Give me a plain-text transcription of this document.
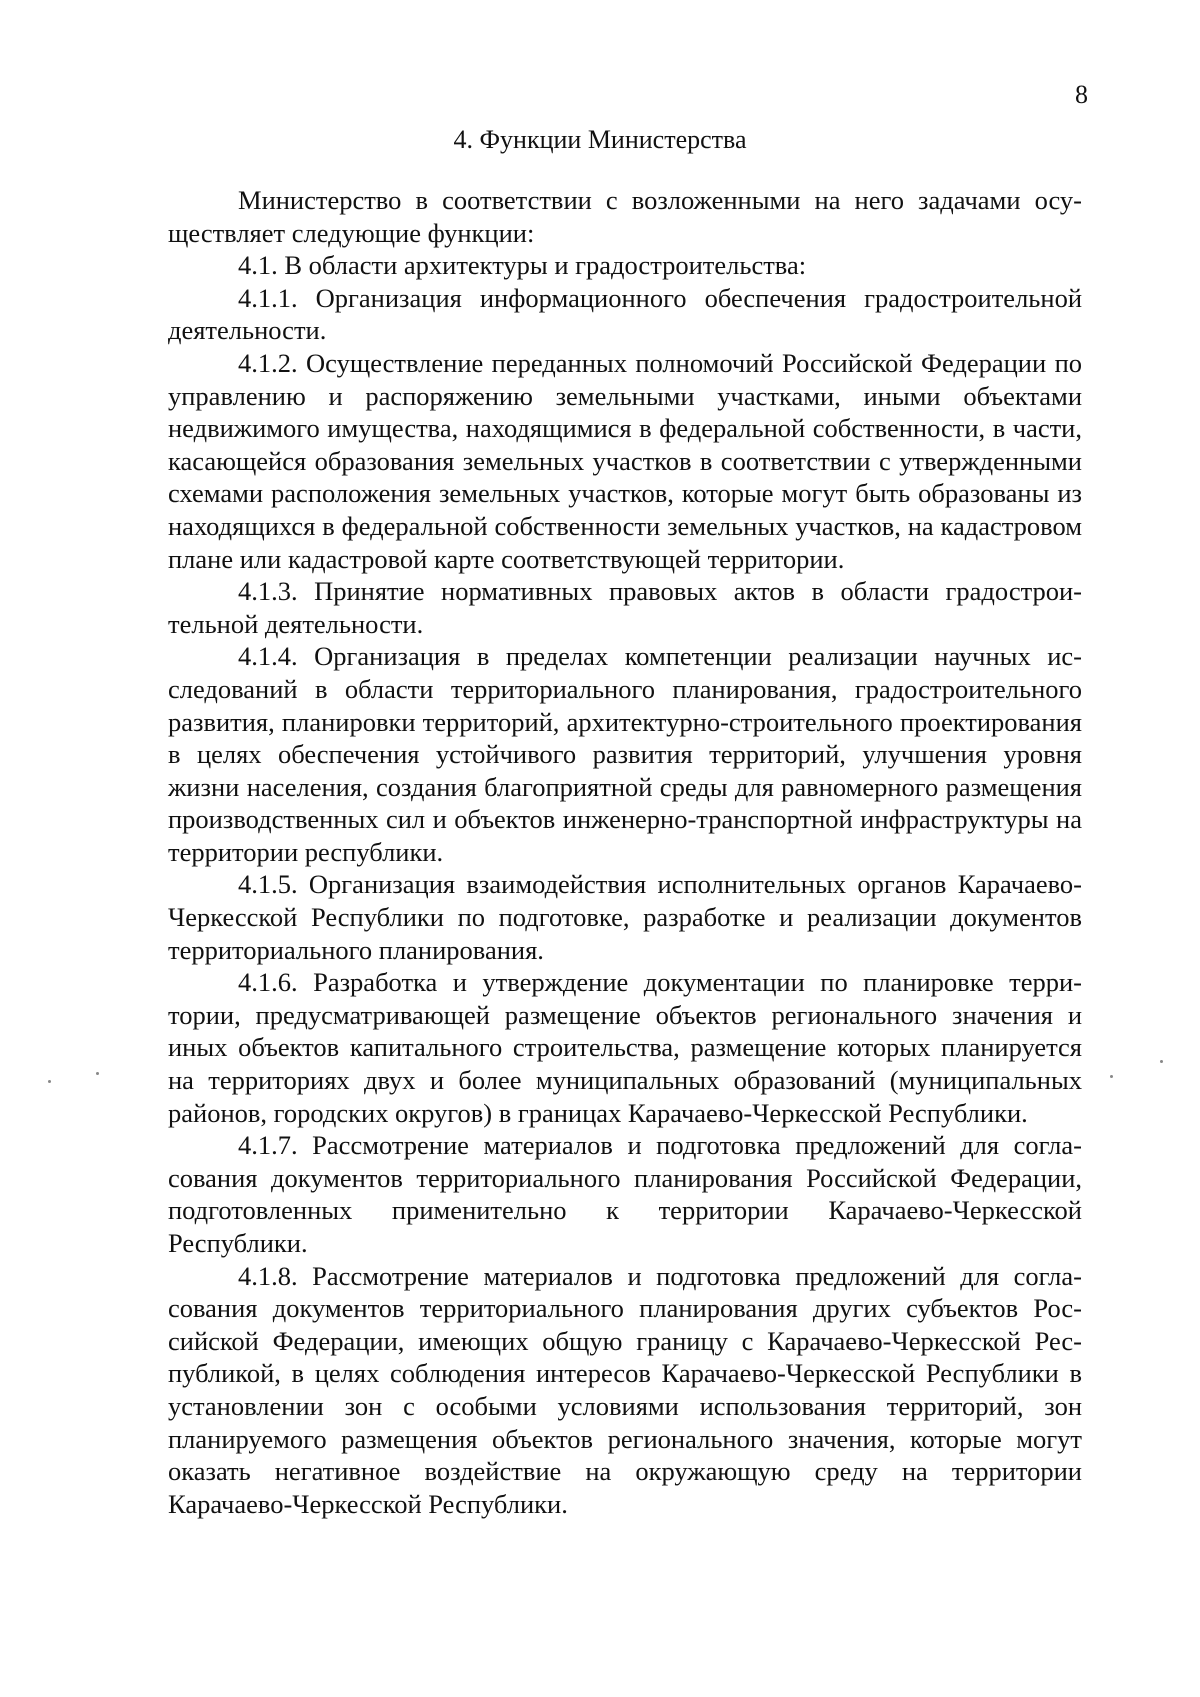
8
4. Функции Министерства

Министерство в соответствии с возложенными на него задачами осуществляет следующие функции:

4.1. В области архитектуры и градостроительства:

4.1.1. Организация информационного обеспечения градостроительной деятельности.

4.1.2. Осуществление переданных полномочий Российской Федерации по управлению и распоряжению земельными участками, иными объектами недвижимого имущества, находящимися в федеральной собственности, в части, касающейся образования земельных участков в соответствии с утвержденными схемами расположения земельных участков, которые могут быть образованы из находящихся в федеральной собственности земельных участков, на кадастровом плане или кадастровой карте соответствующей территории.

4.1.3. Принятие нормативных правовых актов в области градостроительной деятельности.

4.1.4. Организация в пределах компетенции реализации научных исследований в области территориального планирования, градостроительного развития, планировки территорий, архитектурно-строительного проектирования в целях обеспечения устойчивого развития территорий, улучшения уровня жизни населения, создания благоприятной среды для равномерного размещения производственных сил и объектов инженерно-транспортной инфраструктуры на территории республики.

4.1.5. Организация взаимодействия исполнительных органов Карачаево-Черкесской Республики по подготовке, разработке и реализации документов территориального планирования.

4.1.6. Разработка и утверждение документации по планировке территории, предусматривающей размещение объектов регионального значения и иных объектов капитального строительства, размещение которых планируется на территориях двух и более муниципальных образований (муниципальных районов, городских округов) в границах Карачаево-Черкесской Республики.

4.1.7. Рассмотрение материалов и подготовка предложений для согласования документов территориального планирования Российской Федерации, подготовленных применительно к территории Карачаево-Черкесской Республики.

4.1.8. Рассмотрение материалов и подготовка предложений для согласования документов территориального планирования других субъектов Российской Федерации, имеющих общую границу с Карачаево-Черкесской Республикой, в целях соблюдения интересов Карачаево-Черкесской Республики в установлении зон с особыми условиями использования территорий, зон планируемого размещения объектов регионального значения, которые могут оказать негативное воздействие на окружающую среду на территории Карачаево-Черкесской Республики.
